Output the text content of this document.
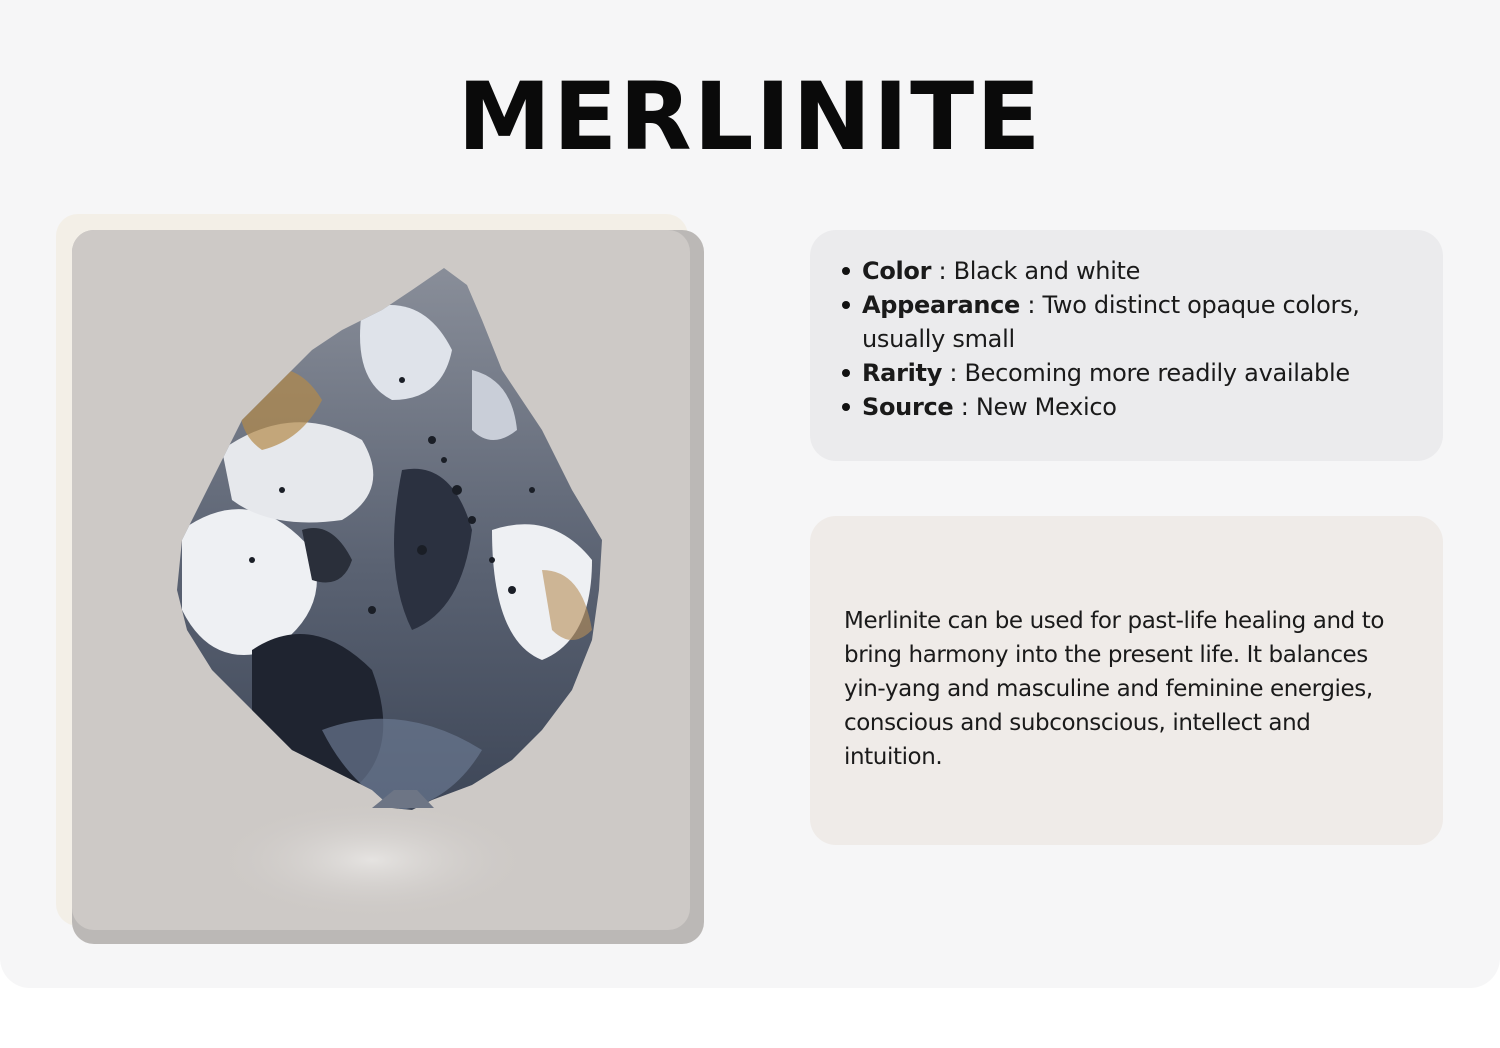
MERLINITE
Color : Black and white
Appearance : Two distinct opaque colors, usually small
Rarity : Becoming more readily available
Source : New Mexico

Merlinite can be used for past-life healing and to bring harmony into the present life. It balances yin-yang and masculine and feminine energies, conscious and subconscious, intellect and intuition.
